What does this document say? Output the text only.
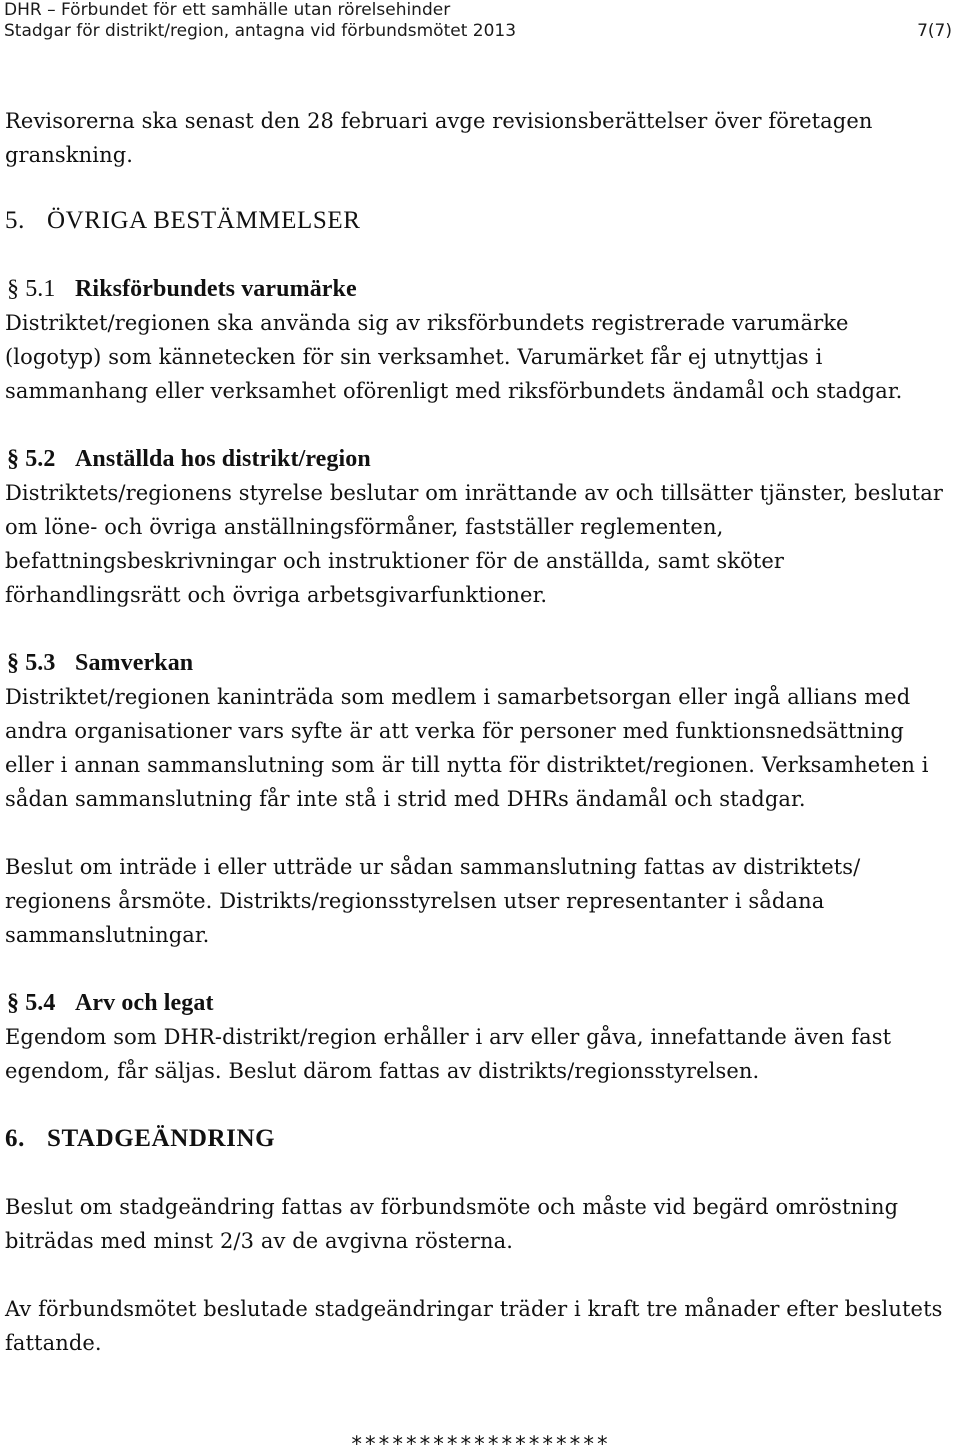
DHR – Förbundet för ett samhälle utan rörelsehinder
Stadgar för distrikt/region, antagna vid förbundsmötet 2013	7(7)

Revisorerna ska senast den 28 februari avge revisionsberättelser över företagen granskning.

5. ÖVRIGA BESTÄMMELSER

§ 5.1 Riksförbundets varumärke

Distriktet/regionen ska använda sig av riksförbundets registrerade varumärke (logotyp) som kännetecken för sin verksamhet. Varumärket får ej utnyttjas i sammanhang eller verksamhet oförenligt med riksförbundets ändamål och stadgar.

§ 5.2 Anställda hos distrikt/region

Distriktets/regionens styrelse beslutar om inrättande av och tillsätter tjänster, beslutar om löne- och övriga anställningsförmåner, fastställer reglementen, befattningsbeskrivningar och instruktioner för de anställda, samt sköter förhandlingsrätt och övriga arbetsgivarfunktioner.

§ 5.3 Samverkan

Distriktet/regionen kaninträda som medlem i samarbetsorgan eller ingå allians med andra organisationer vars syfte är att verka för personer med funktionsnedsättning eller i annan sammanslutning som är till nytta för distriktet/regionen. Verksamheten i sådan sammanslutning får inte stå i strid med DHRs ändamål och stadgar.

Beslut om inträde i eller utträde ur sådan sammanslutning fattas av distriktets/ regionens årsmöte. Distrikts/regionsstyrelsen utser representanter i sådana sammanslutningar.

§ 5.4 Arv och legat

Egendom som DHR-distrikt/region erhåller i arv eller gåva, innefattande även fast egendom, får säljas. Beslut därom fattas av distrikts/regionsstyrelsen.

6. STADGEÄNDRING

Beslut om stadgeändring fattas av förbundsmöte och måste vid begärd omröstning biträdas med minst 2/3 av de avgivna rösterna.

Av förbundsmötet beslutade stadgeändringar träder i kraft tre månader efter beslutets fattande.

*******************
